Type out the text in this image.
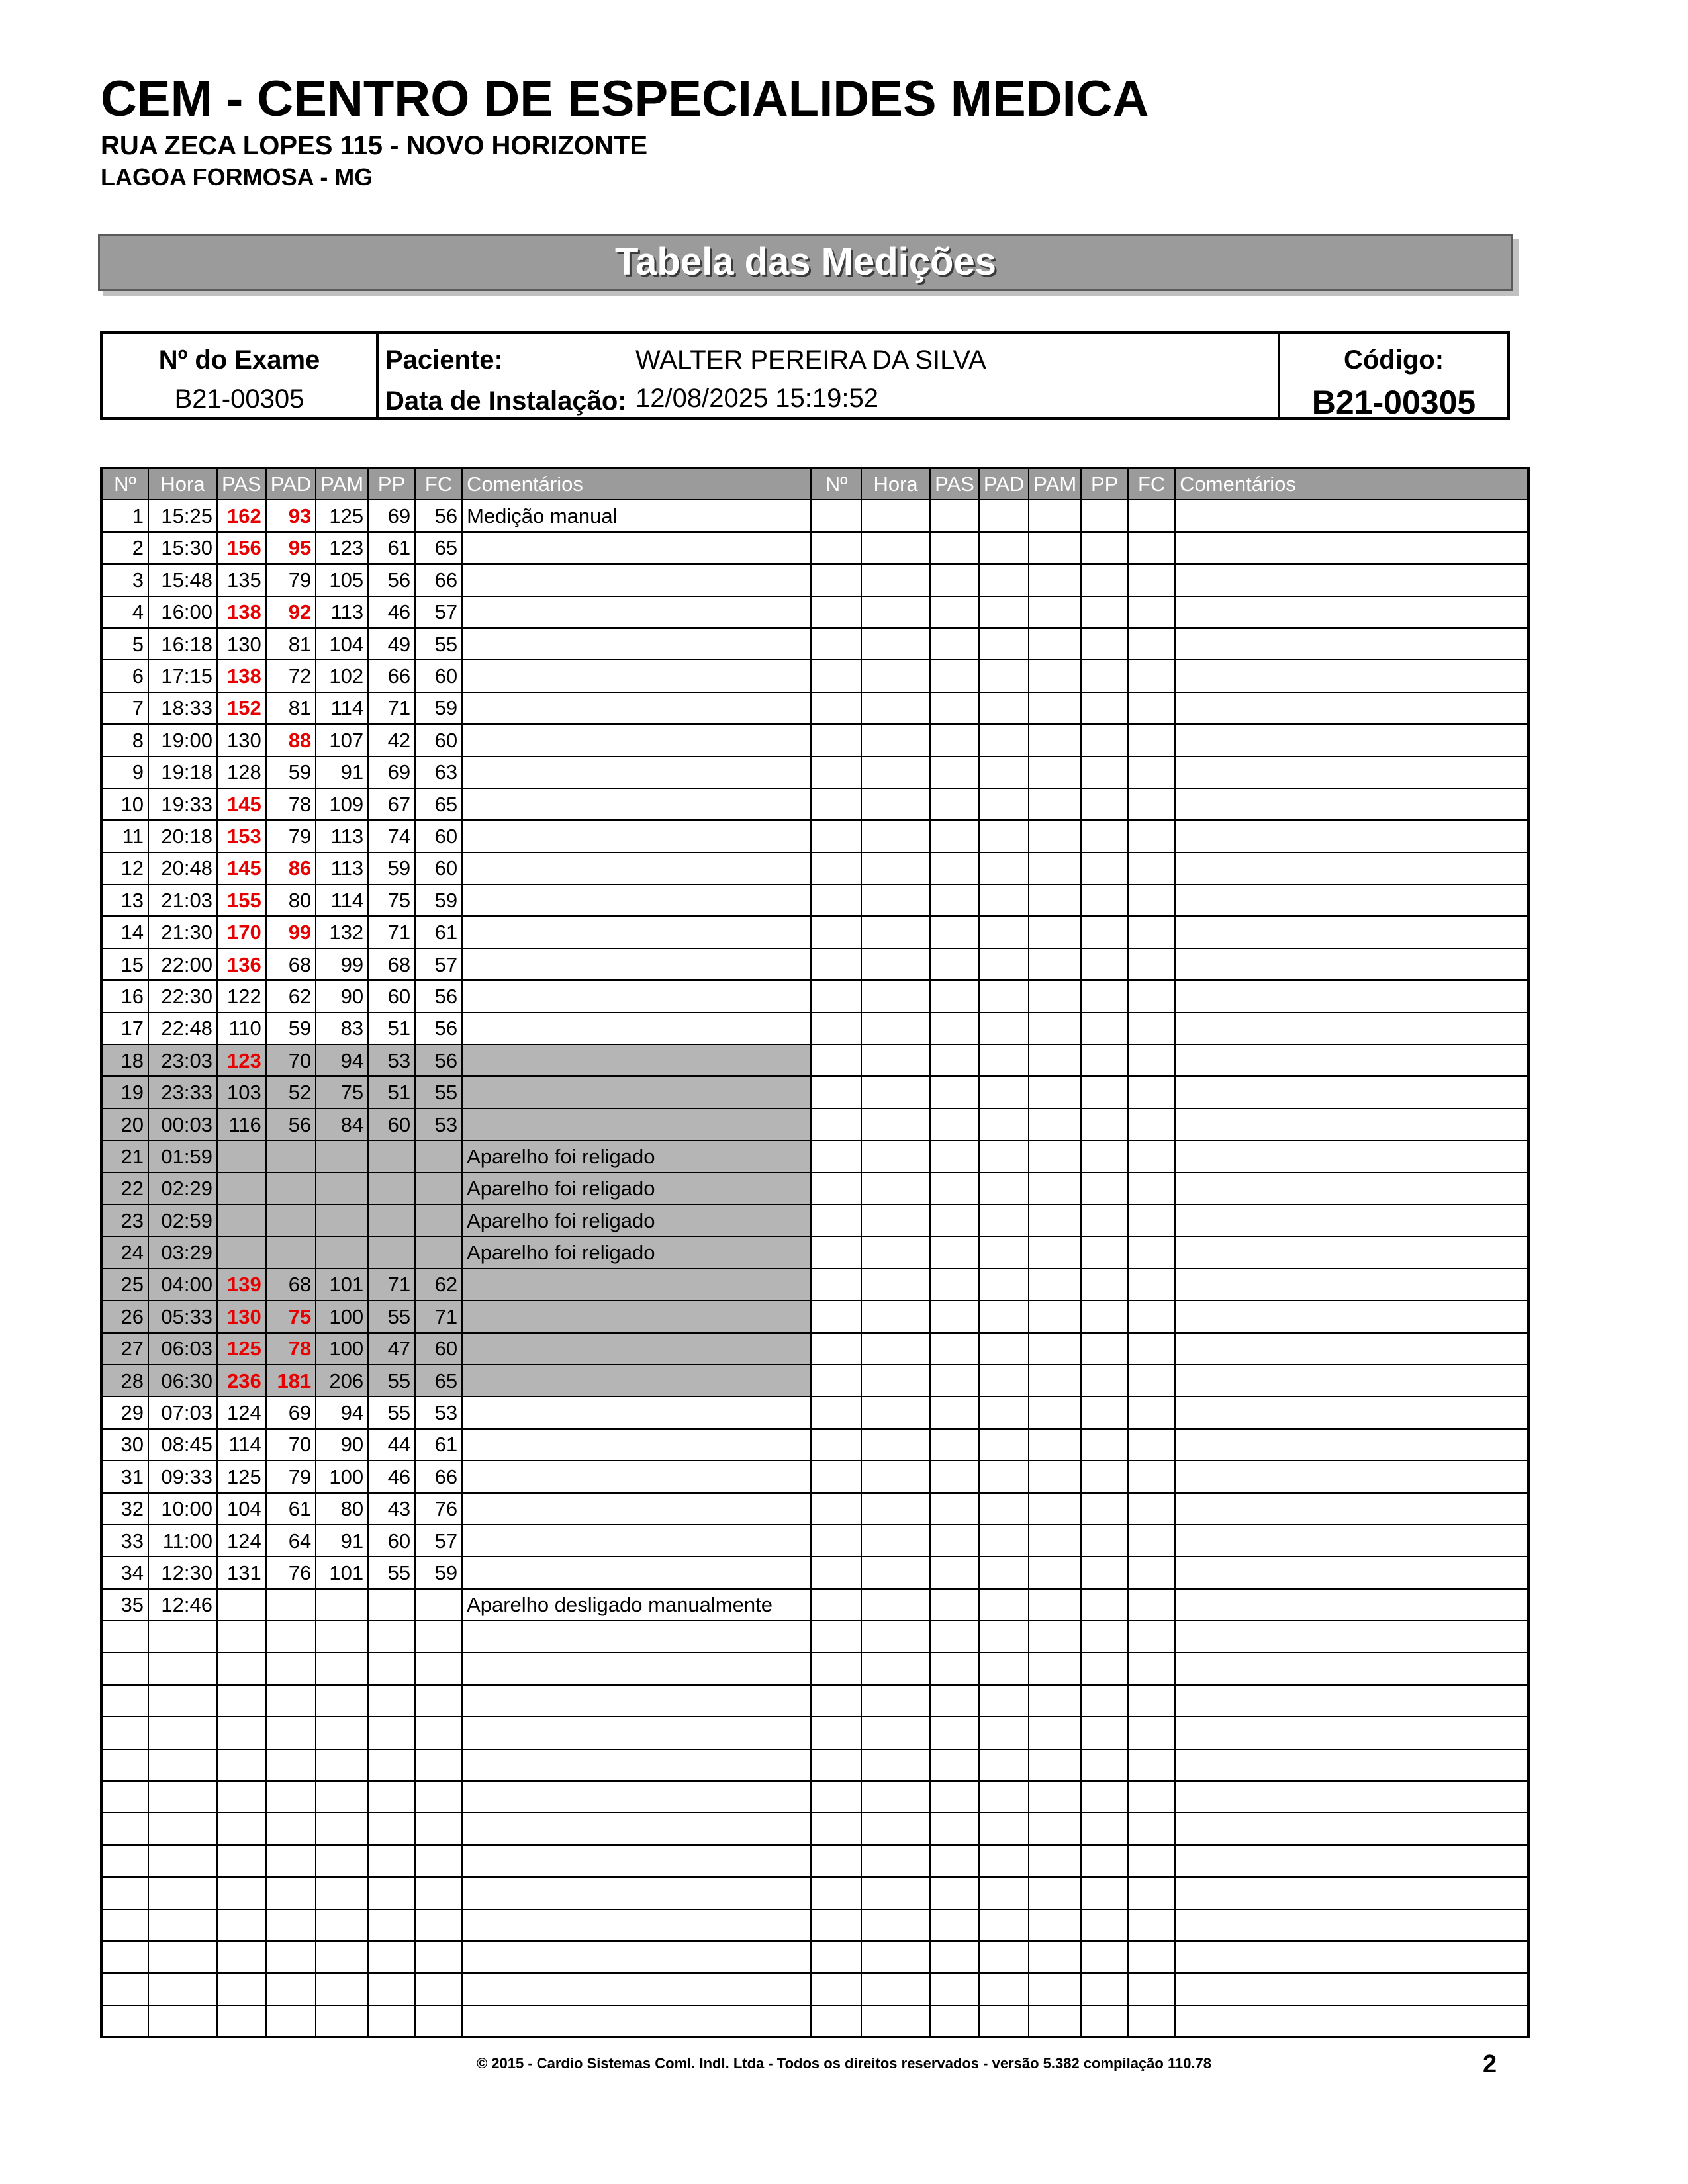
CEM - CENTRO DE ESPECIALIDES MEDICA
RUA ZECA LOPES 115 - NOVO HORIZONTE
LAGOA FORMOSA - MG
Tabela das Medições
Nº do Exame
B21-00305
Paciente:	WALTER PEREIRA DA SILVA
Data de Instalação: 12/08/2025 15:19:52
Código:
B21-00305
Nº	Hora	PAS	PAD	PAM	PP	FC	Comentários	Nº	Hora	PAS	PAD	PAM	PP	FC	Comentários
1	15:25	162	93	125	69	56	Medição manual								
2	15:30	156	95	123	61	65									
3	15:48	135	79	105	56	66									
4	16:00	138	92	113	46	57									
5	16:18	130	81	104	49	55									
6	17:15	138	72	102	66	60									
7	18:33	152	81	114	71	59									
8	19:00	130	88	107	42	60									
9	19:18	128	59	91	69	63									
10	19:33	145	78	109	67	65									
11	20:18	153	79	113	74	60									
12	20:48	145	86	113	59	60									
13	21:03	155	80	114	75	59									
14	21:30	170	99	132	71	61									
15	22:00	136	68	99	68	57									
16	22:30	122	62	90	60	56									
17	22:48	110	59	83	51	56									
18	23:03	123	70	94	53	56									
19	23:33	103	52	75	51	55									
20	00:03	116	56	84	60	53									
21	01:59						Aparelho foi religado								
22	02:29						Aparelho foi religado								
23	02:59						Aparelho foi religado								
24	03:29						Aparelho foi religado								
25	04:00	139	68	101	71	62									
26	05:33	130	75	100	55	71									
27	06:03	125	78	100	47	60									
28	06:30	236	181	206	55	65									
29	07:03	124	69	94	55	53									
30	08:45	114	70	90	44	61									
31	09:33	125	79	100	46	66									
32	10:00	104	61	80	43	76									
33	11:00	124	64	91	60	57									
34	12:30	131	76	101	55	59									
35	12:46						Aparelho desligado manualmente								

© 2015 - Cardio Sistemas Coml. Indl. Ltda - Todos os direitos reservados - versão 5.382 compilação 110.78	2
